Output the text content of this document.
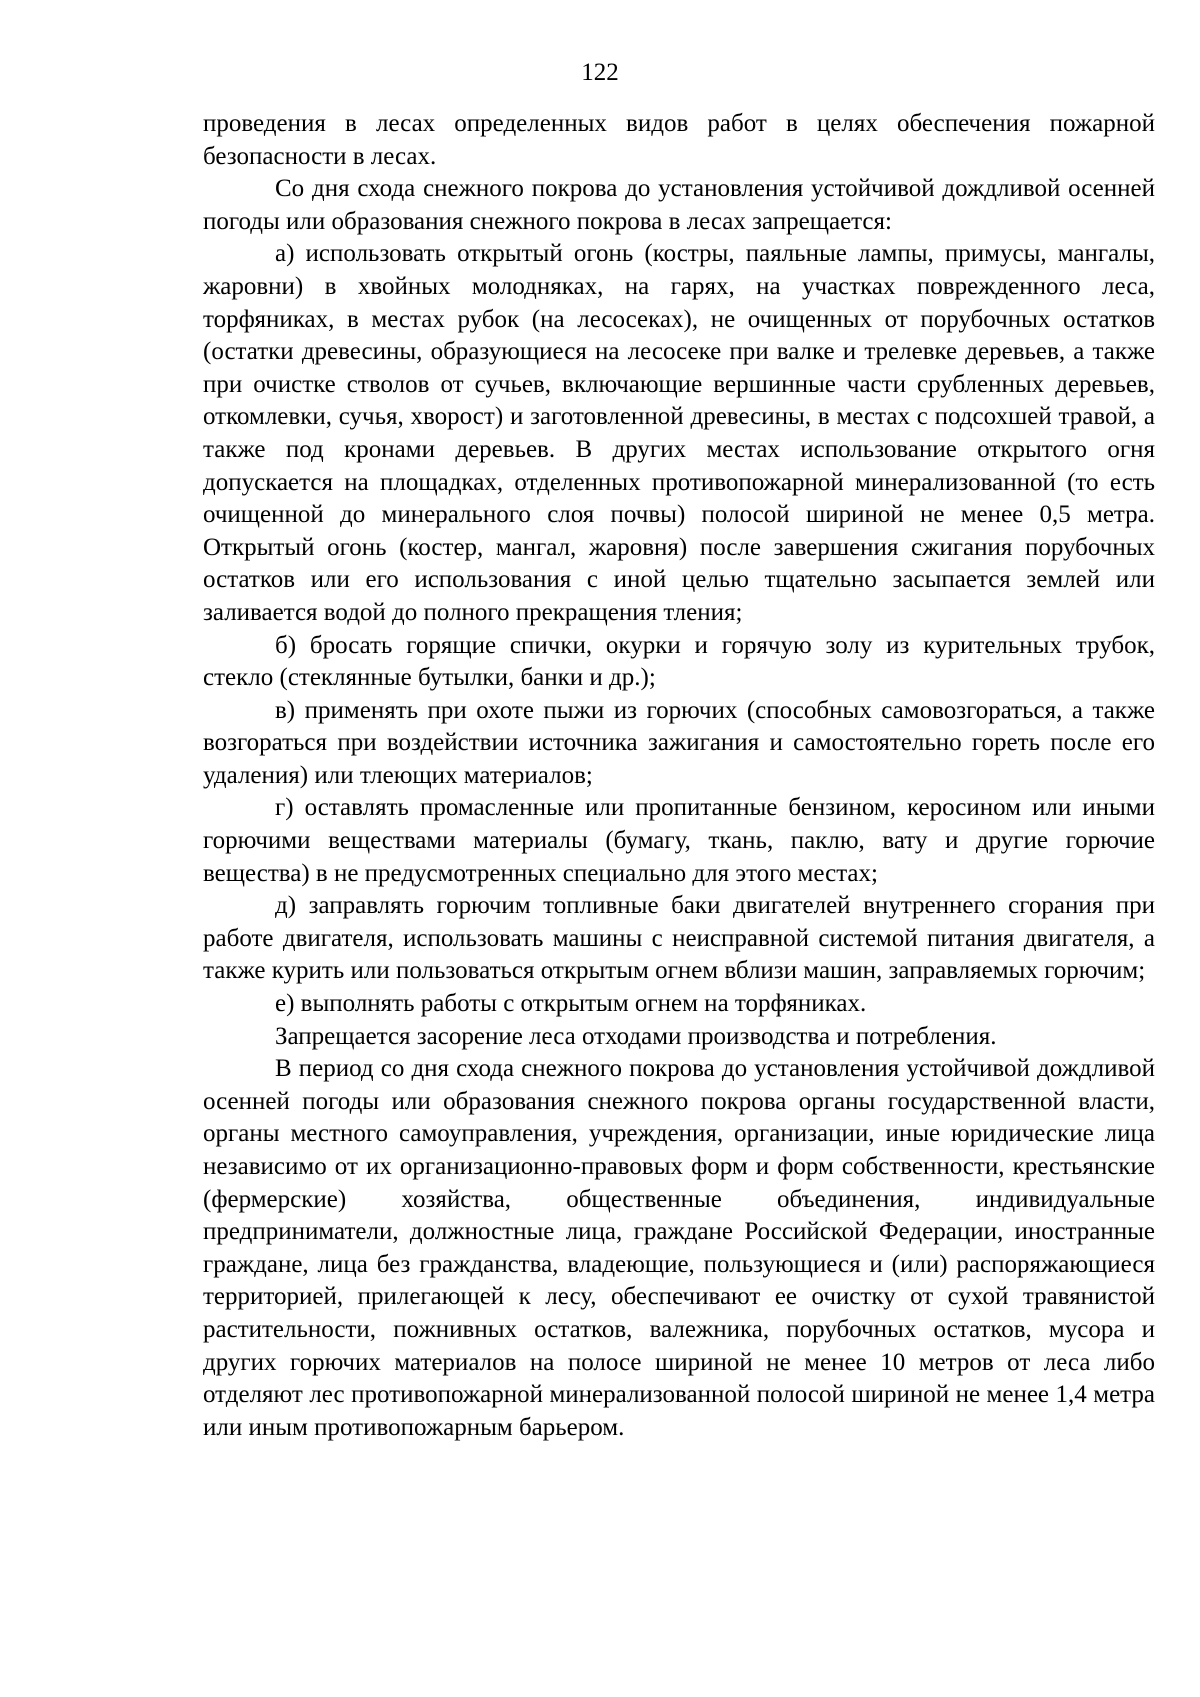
122

проведения в лесах определенных видов работ в целях обеспечения пожарной безопасности в лесах.

Со дня схода снежного покрова до установления устойчивой дождливой осенней погоды или образования снежного покрова в лесах запрещается:

а) использовать открытый огонь (костры, паяльные лампы, примусы, мангалы, жаровни) в хвойных молодняках, на гарях, на участках поврежденного леса, торфяниках, в местах рубок (на лесосеках), не очищенных от порубочных остатков (остатки древесины, образующиеся на лесосеке при валке и трелевке деревьев, а также при очистке стволов от сучьев, включающие вершинные части срубленных деревьев, откомлевки, сучья, хворост) и заготовленной древесины, в местах с подсохшей травой, а также под кронами деревьев. В других местах использование открытого огня допускается на площадках, отделенных противопожарной минерализованной (то есть очищенной до минерального слоя почвы) полосой шириной не менее 0,5 метра. Открытый огонь (костер, мангал, жаровня) после завершения сжигания порубочных остатков или его использования с иной целью тщательно засыпается землей или заливается водой до полного прекращения тления;

б) бросать горящие спички, окурки и горячую золу из курительных трубок, стекло (стеклянные бутылки, банки и др.);

в) применять при охоте пыжи из горючих (способных самовозгораться, а также возгораться при воздействии источника зажигания и самостоятельно гореть после его удаления) или тлеющих материалов;

г) оставлять промасленные или пропитанные бензином, керосином или иными горючими веществами материалы (бумагу, ткань, паклю, вату и другие горючие вещества) в не предусмотренных специально для этого местах;

д) заправлять горючим топливные баки двигателей внутреннего сгорания при работе двигателя, использовать машины с неисправной системой питания двигателя, а также курить или пользоваться открытым огнем вблизи машин, заправляемых горючим;

е) выполнять работы с открытым огнем на торфяниках.

Запрещается засорение леса отходами производства и потребления.

В период со дня схода снежного покрова до установления устойчивой дождливой осенней погоды или образования снежного покрова органы государственной власти, органы местного самоуправления, учреждения, организации, иные юридические лица независимо от их организационно-правовых форм и форм собственности, крестьянские (фермерские) хозяйства, общественные объединения, индивидуальные предприниматели, должностные лица, граждане Российской Федерации, иностранные граждане, лица без гражданства, владеющие, пользующиеся и (или) распоряжающиеся территорией, прилегающей к лесу, обеспечивают ее очистку от сухой травянистой растительности, пожнивных остатков, валежника, порубочных остатков, мусора и других горючих материалов на полосе шириной не менее 10 метров от леса либо отделяют лес противопожарной минерализованной полосой шириной не менее 1,4 метра или иным противопожарным барьером.
